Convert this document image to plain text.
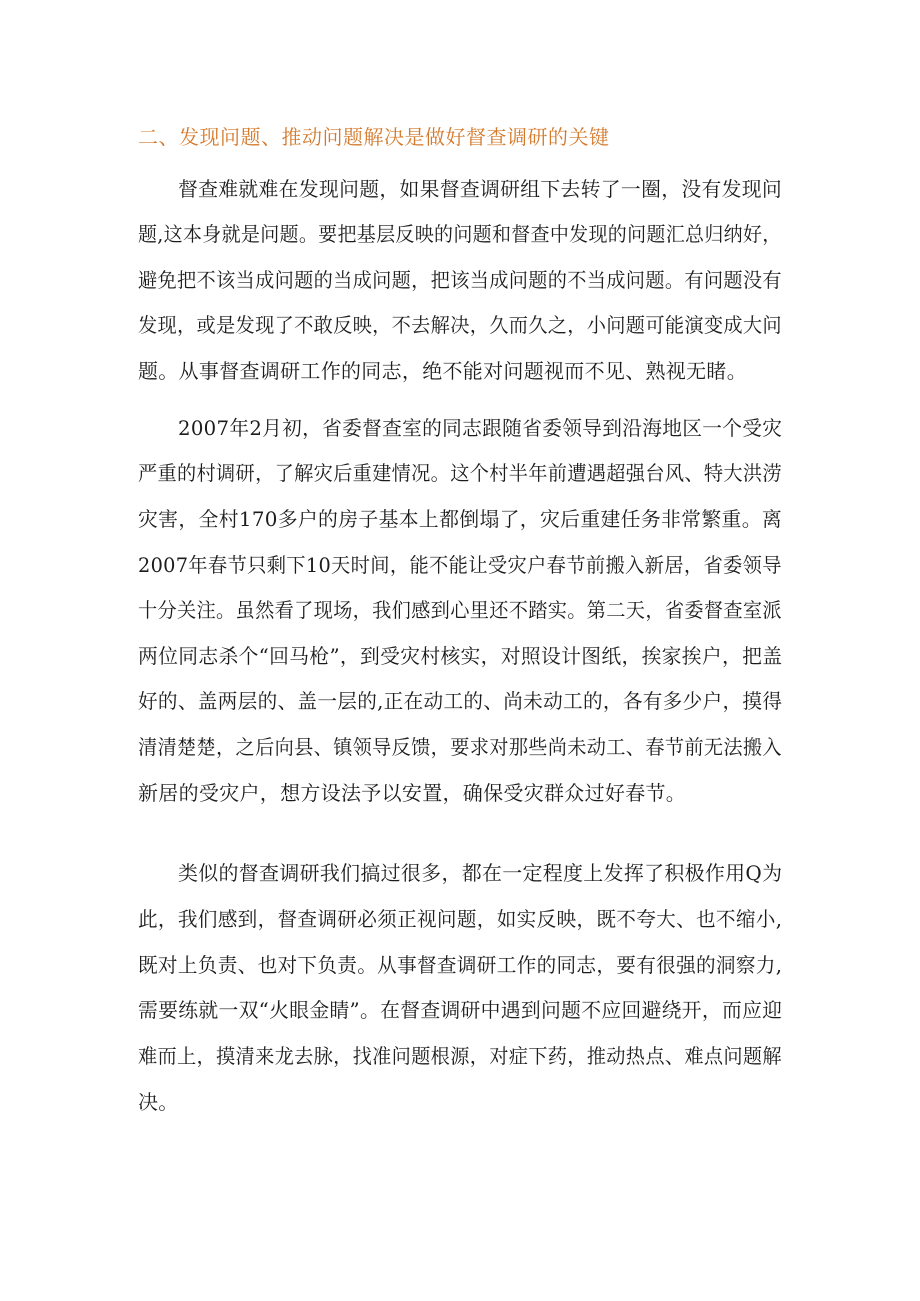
二、发现问题、推动问题解决是做好督查调研的关键
督查难就难在发现问题，如果督查调研组下去转了一圈，没有发现问
题,这本身就是问题。要把基层反映的问题和督查中发现的问题汇总归纳好，
避免把不该当成问题的当成问题，把该当成问题的不当成问题。有问题没有
发现，或是发现了不敢反映，不去解决，久而久之，小问题可能演变成大问
题。从事督查调研工作的同志，绝不能对问题视而不见、熟视无睹。
2007年2月初，省委督查室的同志跟随省委领导到沿海地区一个受灾
严重的村调研，了解灾后重建情况。这个村半年前遭遇超强台风、特大洪涝
灾害，全村170多户的房子基本上都倒塌了，灾后重建任务非常繁重。离
2007年春节只剩下10天时间，能不能让受灾户春节前搬入新居，省委领导
十分关注。虽然看了现场，我们感到心里还不踏实。第二天，省委督查室派
两位同志杀个“回马枪”，到受灾村核实，对照设计图纸，挨家挨户，把盖
好的、盖两层的、盖一层的,正在动工的、尚未动工的，各有多少户，摸得
清清楚楚，之后向县、镇领导反馈，要求对那些尚未动工、春节前无法搬入
新居的受灾户，想方设法予以安置，确保受灾群众过好春节。
类似的督查调研我们搞过很多，都在一定程度上发挥了积极作用Q为
此，我们感到，督查调研必须正视问题，如实反映，既不夸大、也不缩小,
既对上负责、也对下负责。从事督查调研工作的同志，要有很强的洞察力,
需要练就一双“火眼金睛”。在督查调研中遇到问题不应回避绕开，而应迎
难而上，摸清来龙去脉，找准问题根源，对症下药，推动热点、难点问题解
决。
